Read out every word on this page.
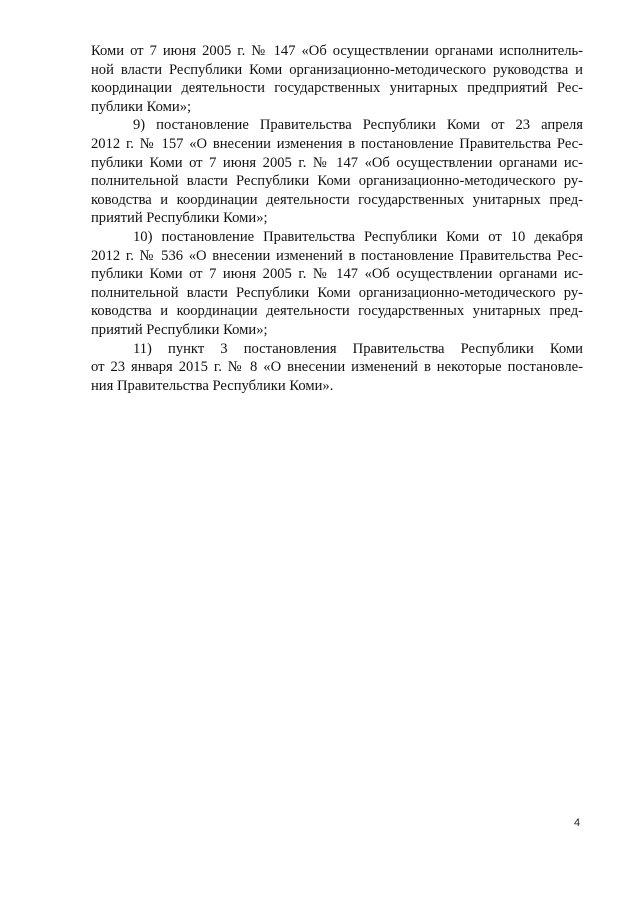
Коми от 7 июня 2005 г. № 147 «Об осуществлении органами исполнитель-
ной власти Республики Коми организационно-методического руководства и
координации деятельности государственных унитарных предприятий Рес-
публики Коми»;
9) постановление Правительства Республики Коми от 23 апреля
2012 г. № 157 «О внесении изменения в постановление Правительства Рес-
публики Коми от 7 июня 2005 г. № 147 «Об осуществлении органами ис-
полнительной власти Республики Коми организационно-методического ру-
ководства и координации деятельности государственных унитарных пред-
приятий Республики Коми»;
10) постановление Правительства Республики Коми от 10 декабря
2012 г. № 536 «О внесении изменений в постановление Правительства Рес-
публики Коми от 7 июня 2005 г. № 147 «Об осуществлении органами ис-
полнительной власти Республики Коми организационно-методического ру-
ководства и координации деятельности государственных унитарных пред-
приятий Республики Коми»;
11) пункт 3 постановления Правительства Республики Коми
от 23 января 2015 г. № 8 «О внесении изменений в некоторые постановле-
ния Правительства Республики Коми».
4
